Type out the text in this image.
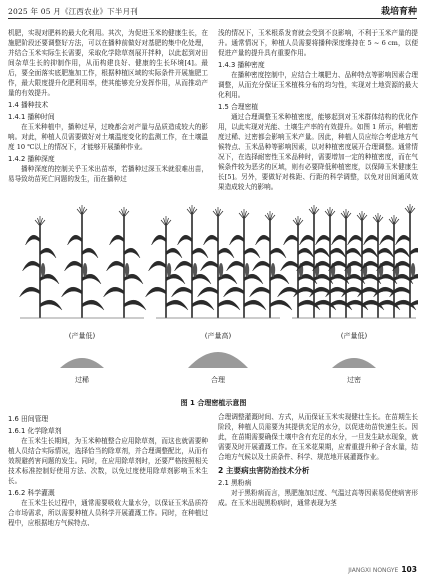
2025 年 05 月《江西农业》下半月刊	栽培育种

机肥，实现对肥料的最大化利用。其次，为促进玉米的健康生长，在施肥阶段还要调整好方法，可以在播种前做好对基肥的集中化处理，并结合玉米实际生长需要，采取化学除草剂展开拌种，以此起到对田间杂草生长的抑制作用，从而构建良好、健康的生长环境[4]。最后，要全面落实底肥施加工作，根据种植区域的实际条件开展施肥工作，最大限度提升化肥利用率，使其能够充分发挥作用，从而推动产量的有效提升。

1.4 播种技术
1.4.1 播种时间

在玉米种植中，播种过早，过晚都会对产量与品质造成较大的影响。对此，种植人员需要做好对土壤温度变化的监测工作，在土壤温度 10 ℃以上的情况下，才能够开展播种作业。

1.4.2 播种深度

播种深度的控制关乎玉米出苗率，若播种过深玉米就很难出苗，易导致幼苗死亡问题的发生，而在播种过

浅的情况下，玉米根系发育就会受到不良影响，不利于玉米产量的提升。通常情况下，种植人员需要将播种深度维持在 5 ~ 6 cm，以便促进产量的提升具有重要作用。

1.4.3 播种密度

在播种密度控制中，应结合土壤肥力、品种特点等影响因素合理调整，从而充分保证玉米植株分布的均匀性，实现对土地资源的最大化利用。

1.5 合理密植

通过合理调整玉米种植密度，能够起到对玉米群体结构的优化作用，以此实现对光能、土壤生产率的有效提升。如图 1 所示，种植密度过稀、过密都会影响玉米产量。因此，种植人员应综合考虑地方气候特点、玉米品种等影响因素，以对种植密度展开合理调整。通常情况下，在选择耐密性玉米品种时，需要增加一定的种植密度，而在气候条件较为恶劣的区域，则有必要降低种植密度，以保障玉米健康生长[5]。另外，要做好对株距、行距的科学调整，以免对田间通风效果造成较大的影响。

(产量低)
过稀
(产量高)
合理
(产量低)
过密
图 1 合理密植示意图
1.6 田间管理
1.6.1 化学除草剂

在玉米生长期间，为玉米种植整合应用除草剂，而这也就需要种植人员结合实际情况，选择恰当的除草剂，并合理调整配比，从而有效规避药害问题的发生。同时，在应用除草剂时，还要严格按照相关技术标准控制好使用方法、次数，以免过度使用除草剂影响玉米生长。

1.6.2 科学灌溉

在玉米生长过程中，通常需要吸收大量水分，以保证玉米品质符合市场需求，所以需要种植人员科学开展灌溉工作。同时，在种植过程中，应根据地方气候特点、

合理调整灌溉时间、方式，从而保证玉米实现健壮生长。在苗期生长阶段，种植人员需要为其提供充足的水分，以促进幼苗快速生长。因此，在苗期需要确保土壤中含有充足的水分，一旦发生缺水现象，就需要及时开展灌溉工作。在玉米花果期，应着重提升种子含水量，结合地方气候以及土质条件、科学、规范地开展灌溉作业。

2 主要病虫害防治技术分析
2.1 黑粉病

对于黑粉病而言，黑肥施加过度、气温过高等因素易促使病害形成。在玉米出现黑粉病时，通常表现为茎

JIANGXI NONGYE 103
